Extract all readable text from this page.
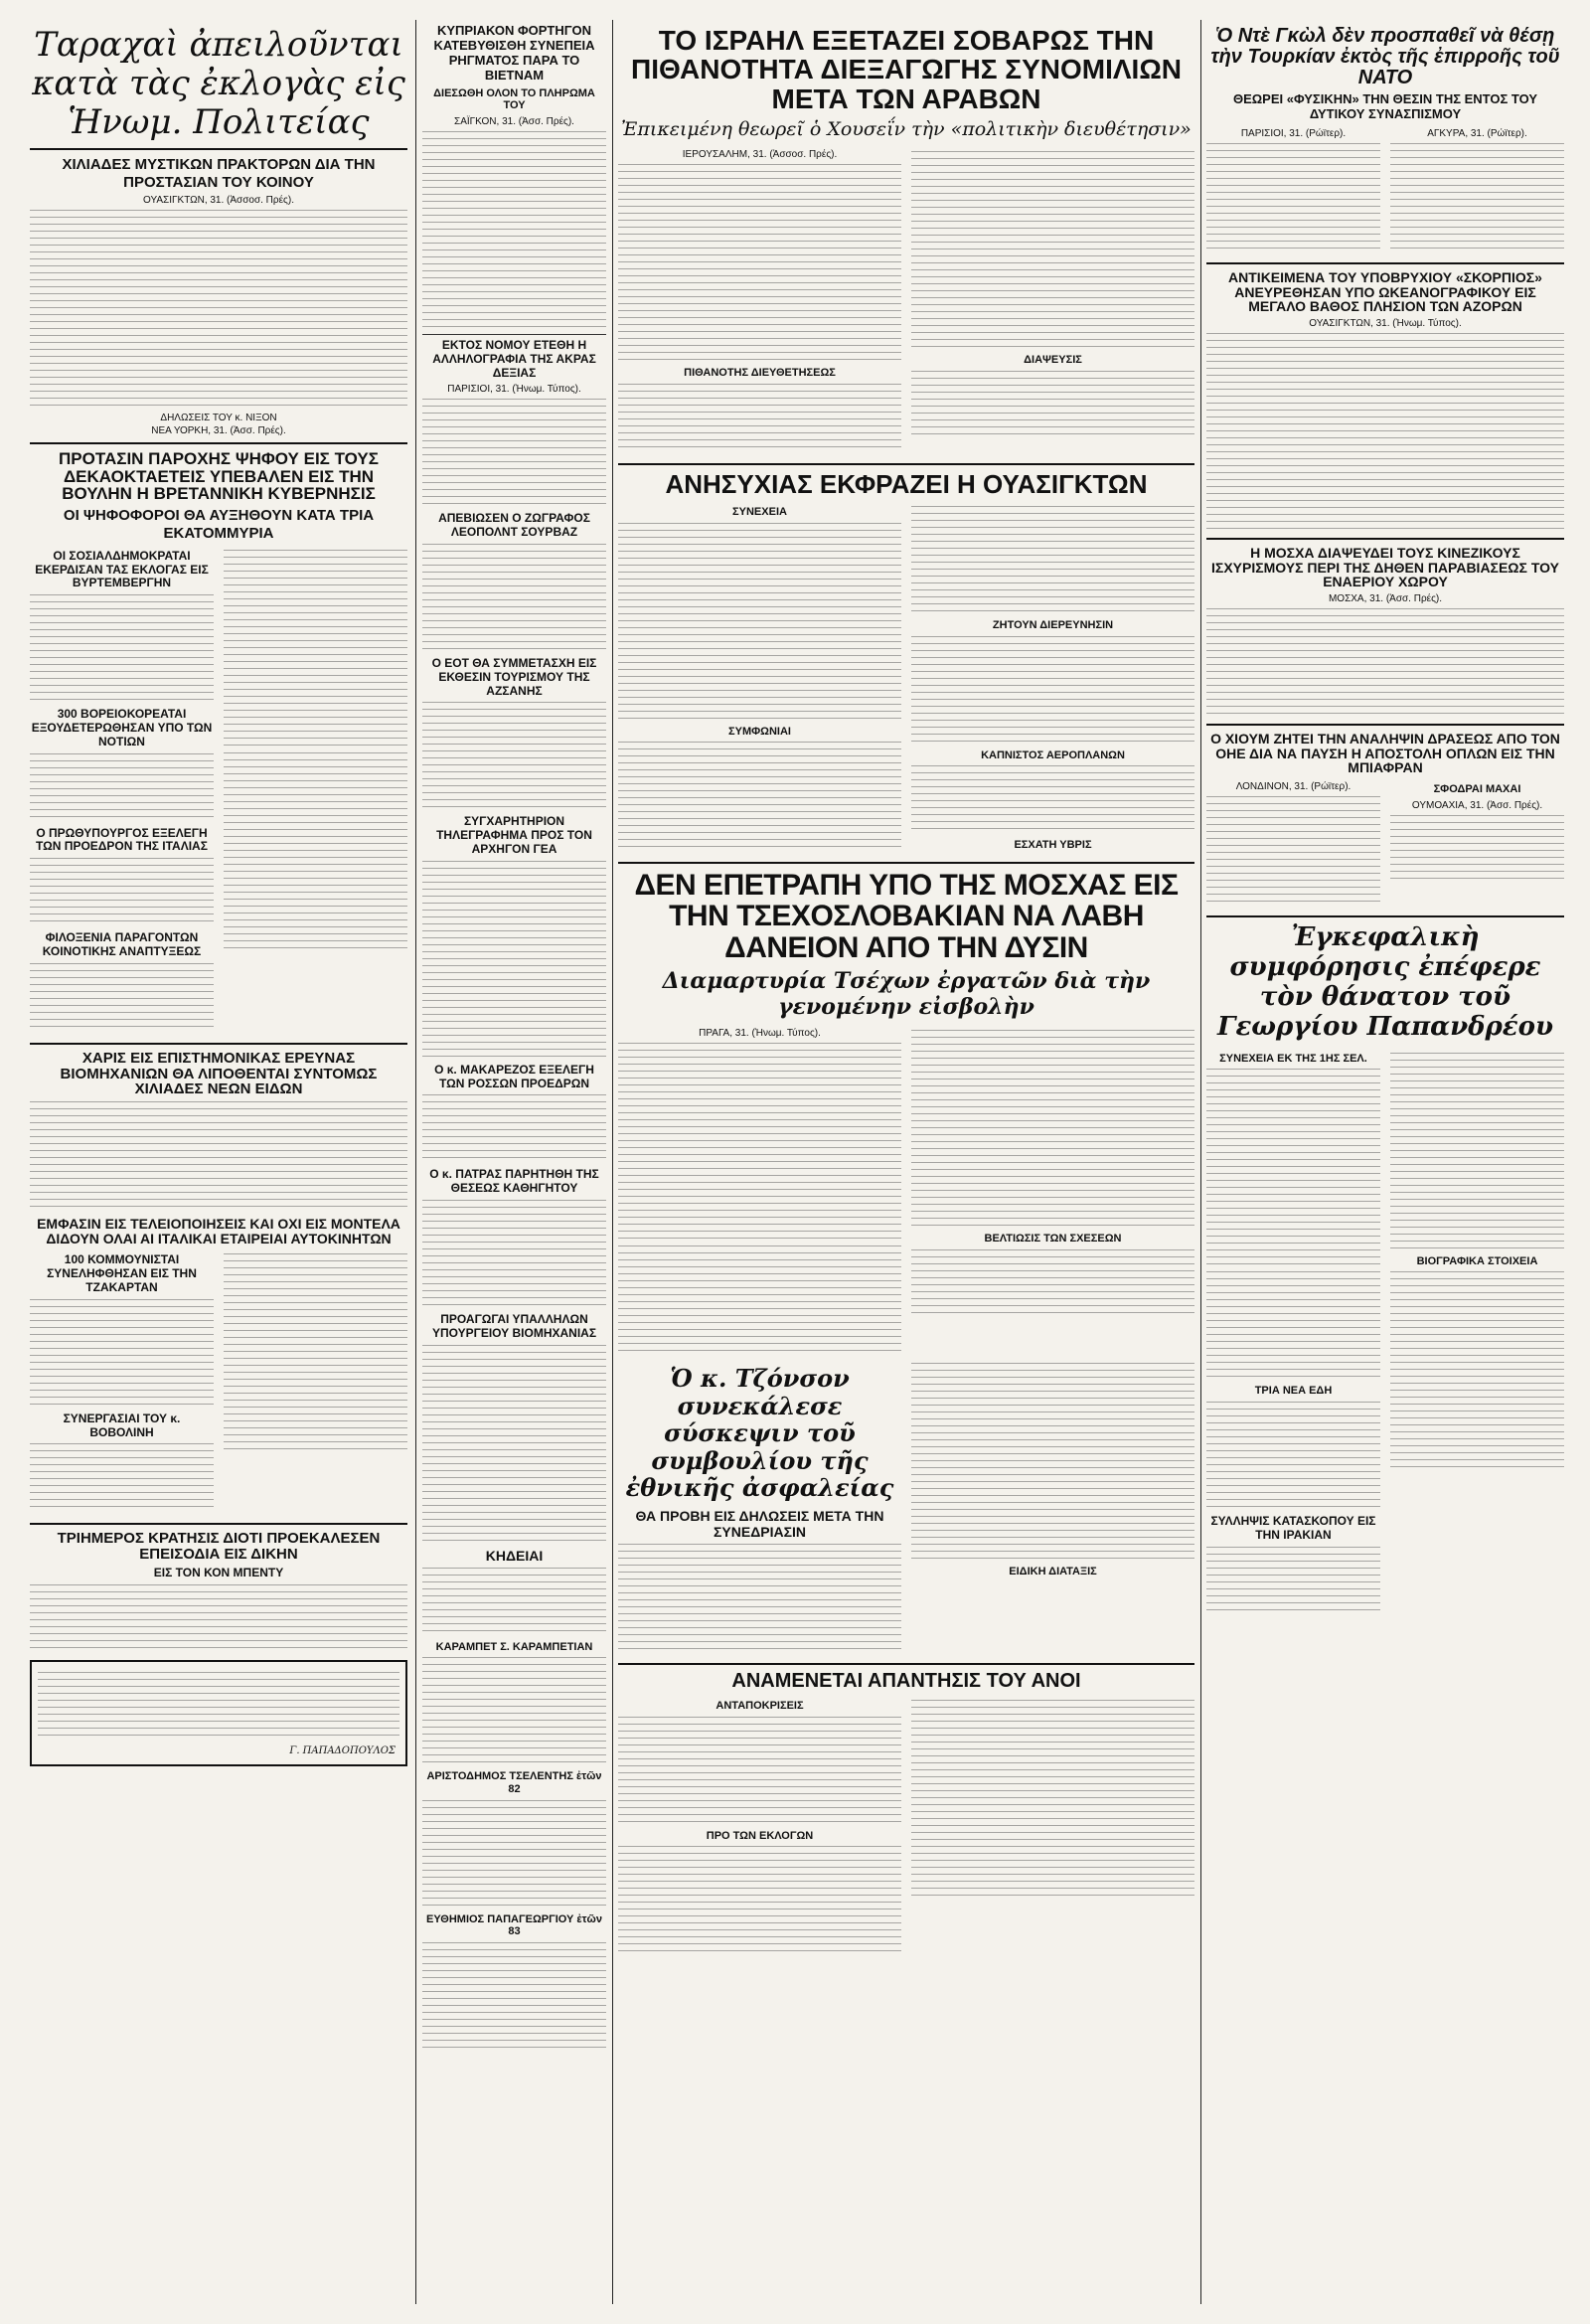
Ταραχαὶ ἀπειλοῦνται κατὰ τὰς ἐκλογὰς εἰς Ἡνωμ. Πολιτείας
ΧΙΛΙΑΔΕΣ ΜΥΣΤΙΚΩΝ ΠΡΑΚΤΟΡΩΝ ΔΙΑ ΤΗΝ ΠΡΟΣΤΑΣΙΑΝ ΤΟΥ ΚΟΙΝΟΥ
ΟΥΑΣΙΓΚΤΩΝ, 31. (Ἀσσοσ. Πρές).
ΔΗΛΩΣΕΙΣ ΤΟΥ κ. ΝΙΞΟΝ
ΝΕΑ ΥΟΡΚΗ, 31. (Ἀσσ. Πρές).
ΠΡΟΤΑΣΙΝ ΠΑΡΟΧΗΣ ΨΗΦΟΥ ΕΙΣ ΤΟΥΣ ΔΕΚΑΟΚΤΑΕΤΕΙΣ ΥΠΕΒΑΛΕΝ ΕΙΣ ΤΗΝ ΒΟΥΛΗΝ Η ΒΡΕΤΑΝΝΙΚΗ ΚΥΒΕΡΝΗΣΙΣ
ΟΙ ΨΗΦΟΦΟΡΟΙ ΘΑ ΑΥΞΗΘΟΥΝ ΚΑΤΑ ΤΡΙΑ ΕΚΑΤΟΜΜΥΡΙΑ
ΟΙ ΣΟΣΙΑΛΔΗΜΟΚΡΑΤΑΙ ΕΚΕΡΔΙΣΑΝ ΤΑΣ ΕΚΛΟΓΑΣ ΕΙΣ ΒΥΡΤΕΜΒΕΡΓΗΝ
300 ΒΟΡΕΙΟΚΟΡΕΑΤΑΙ ΕΞΟΥΔΕΤΕΡΩΘΗΣΑΝ ΥΠΟ ΤΩΝ ΝΟΤΙΩΝ
Ο ΠΡΩΘΥΠΟΥΡΓΟΣ ΕΞΕΛΕΓΗ ΤΩΝ ΠΡΟΕΔΡΟΝ ΤΗΣ ΙΤΑΛΙΑΣ
ΦΙΛΟΞΕΝΙΑ ΠΑΡΑΓΟΝΤΩΝ ΚΟΙΝΟΤΙΚΗΣ ΑΝΑΠΤΥΞΕΩΣ
ΧΑΡΙΣ ΕΙΣ ΕΠΙΣΤΗΜΟΝΙΚΑΣ ΕΡΕΥΝΑΣ ΒΙΟΜΗΧΑΝΙΩΝ ΘΑ ΛΙΠΟΘΕΝΤΑΙ ΣΥΝΤΟΜΩΣ ΧΙΛΙΑΔΕΣ ΝΕΩΝ ΕΙΔΩΝ
ΕΜΦΑΣΙΝ ΕΙΣ ΤΕΛΕΙΟΠΟΙΗΣΕΙΣ ΚΑΙ ΟΧΙ ΕΙΣ ΜΟΝΤΕΛΑ ΔΙΔΟΥΝ ΟΛΑΙ ΑΙ ΙΤΑΛΙΚΑΙ ΕΤΑΙΡΕΙΑΙ ΑΥΤΟΚΙΝΗΤΩΝ
100 ΚΟΜΜΟΥΝΙΣΤΑΙ ΣΥΝΕΛΗΦΘΗΣΑΝ ΕΙΣ ΤΗΝ ΤΖΑΚΑΡΤΑΝ
ΣΥΝΕΡΓΑΣΙΑΙ ΤΟΥ κ. ΒΟΒΟΛΙΝΗ
ΤΡΙΗΜΕΡΟΣ ΚΡΑΤΗΣΙΣ ΔΙΟΤΙ ΠΡΟΕΚΑΛΕΣΕΝ ΕΠΕΙΣΟΔΙΑ ΕΙΣ ΔΙΚΗΝ
ΕΙΣ ΤΟΝ ΚΟΝ ΜΠΕΝΤΥ
Γ. ΠΑΠΑΔΟΠΟΥΛΟΣ
ΚΥΠΡΙΑΚΟΝ ΦΟΡΤΗΓΟΝ ΚΑΤΕΒΥΘΙΣΘΗ ΣΥΝΕΠΕΙΑ ΡΗΓΜΑΤΟΣ ΠΑΡΑ ΤΟ ΒΙΕΤΝΑΜ
ΔΙΕΣΩΘΗ ΟΛΟΝ ΤΟ ΠΛΗΡΩΜΑ ΤΟΥ
ΣΑΪΓΚΟΝ, 31. (Ἀσσ. Πρές).
ΕΚΤΟΣ ΝΟΜΟΥ ΕΤΕΘΗ Η ΑΛΛΗΛΟΓΡΑΦΙΑ ΤΗΣ ΑΚΡΑΣ ΔΕΞΙΑΣ
ΠΑΡΙΣΙΟΙ, 31. (Ἠνωμ. Τύπος).
ΑΠΕΒΙΩΣΕΝ Ο ΖΩΓΡΑΦΟΣ ΛΕΟΠΟΛΝΤ ΣΟΥΡΒΑΖ
Ο ΕΟΤ ΘΑ ΣΥΜΜΕΤΑΣΧΗ ΕΙΣ ΕΚΘΕΣΙΝ ΤΟΥΡΙΣΜΟΥ ΤΗΣ ΑΖΣΑΝΗΣ
ΣΥΓΧΑΡΗΤΗΡΙΟΝ ΤΗΛΕΓΡΑΦΗΜΑ ΠΡΟΣ ΤΟΝ ΑΡΧΗΓΟΝ ΓΕΑ
Ο κ. ΜΑΚΑΡΕΖΟΣ ΕΞΕΛΕΓΗ ΤΩΝ ΡΟΣΣΩΝ ΠΡΟΕΔΡΩΝ
Ο κ. ΠΑΤΡΑΣ ΠΑΡΗΤΗΘΗ ΤΗΣ ΘΕΣΕΩΣ ΚΑΘΗΓΗΤΟΥ
ΠΡΟΑΓΩΓΑΙ ΥΠΑΛΛΗΛΩΝ ΥΠΟΥΡΓΕΙΟΥ ΒΙΟΜΗΧΑΝΙΑΣ
ΚΗΔΕΙΑΙ
ΚΑΡΑΜΠΕΤ Σ. ΚΑΡΑΜΠΕΤΙΑΝ
ΑΡΙΣΤΟΔΗΜΟΣ ΤΣΕΛΕΝΤΗΣ ἐτῶν 82
ΕΥΘΗΜΙΟΣ ΠΑΠΑΓΕΩΡΓΙΟΥ ἐτῶν 83
ΤΟ ΙΣΡΑΗΛ ΕΞΕΤΑΖΕΙ ΣΟΒΑΡΩΣ ΤΗΝ ΠΙΘΑΝΟΤΗΤΑ ΔΙΕΞΑΓΩΓΗΣ ΣΥΝΟΜΙΛΙΩΝ ΜΕΤΑ ΤΩΝ ΑΡΑΒΩΝ
Ἐπικειμένη θεωρεῖ ὁ Χουσεΐν τὴν «πολιτικὴν διευθέτησιν»
ΙΕΡΟΥΣΑΛΗΜ, 31. (Ἀσσοσ. Πρές).
ΠΙΘΑΝΟΤΗΣ ΔΙΕΥΘΕΤΗΣΕΩΣ
ΔΙΑΨΕΥΣΙΣ
ΑΝΗΣΥΧΙΑΣ ΕΚΦΡΑΖΕΙ Η ΟΥΑΣΙΓΚΤΩΝ
ΣΥΝΕΧΕΙΑ
ΣΥΜΦΩΝΙΑΙ
ΖΗΤΟΥΝ ΔΙΕΡΕΥΝΗΣΙΝ
ΚΑΠΝΙΣΤΟΣ ΑΕΡΟΠΛΑΝΩΝ
ΕΣΧΑΤΗ ΥΒΡΙΣ
ΔΕΝ ΕΠΕΤΡΑΠΗ ΥΠΟ ΤΗΣ ΜΟΣΧΑΣ ΕΙΣ ΤΗΝ ΤΣΕΧΟΣΛΟΒΑΚΙΑΝ ΝΑ ΛΑΒΗ ΔΑΝΕΙΟΝ ΑΠΟ ΤΗΝ ΔΥΣΙΝ
Διαμαρτυρία Τσέχων ἐργατῶν διὰ τὴν γενομένην εἰσβολὴν
ΠΡΑΓΑ, 31. (Ἠνωμ. Τύπος).
ΒΕΛΤΙΩΣΙΣ ΤΩΝ ΣΧΕΣΕΩΝ
Ὁ κ. Τζόνσον συνεκάλεσε σύσκεψιν τοῦ συμβουλίου τῆς ἐθνικῆς ἀσφαλείας
ΘΑ ΠΡΟΒΗ ΕΙΣ ΔΗΛΩΣΕΙΣ ΜΕΤΑ ΤΗΝ ΣΥΝΕΔΡΙΑΣΙΝ
ΕΙΔΙΚΗ ΔΙΑΤΑΞΙΣ
ΑΝΑΜΕΝΕΤΑΙ ΑΠΑΝΤΗΣΙΣ ΤΟΥ ΑΝΟΙ
ΑΝΤΑΠΟΚΡΙΣΕΙΣ
ΠΡΟ ΤΩΝ ΕΚΛΟΓΩΝ
Ὁ Ντὲ Γκὼλ δὲν προσπαθεῖ νὰ θέσῃ τὴν Τουρκίαν ἐκτὸς τῆς ἐπιρροῆς τοῦ ΝΑΤΟ
ΘΕΩΡΕΙ «ΦΥΣΙΚΗΝ» ΤΗΝ ΘΕΣΙΝ ΤΗΣ ΕΝΤΟΣ ΤΟΥ ΔΥΤΙΚΟΥ ΣΥΝΑΣΠΙΣΜΟΥ
ΠΑΡΙΣΙΟΙ, 31. (Ρώϊτερ).	ΑΓΚΥΡΑ, 31. (Ρώϊτερ).
ΑΝΤΙΚΕΙΜΕΝΑ ΤΟΥ ΥΠΟΒΡΥΧΙΟΥ «ΣΚΟΡΠΙΟΣ» ΑΝΕΥΡΕΘΗΣΑΝ ΥΠΟ ΩΚΕΑΝΟΓΡΑΦΙΚΟΥ ΕΙΣ ΜΕΓΑΛΟ ΒΑΘΟΣ ΠΛΗΣΙΟΝ ΤΩΝ ΑΖΟΡΩΝ
ΟΥΑΣΙΓΚΤΩΝ, 31. (Ἠνωμ. Τύπος).
Η ΜΟΣΧΑ ΔΙΑΨΕΥΔΕΙ ΤΟΥΣ ΚΙΝΕΖΙΚΟΥΣ ΙΣΧΥΡΙΣΜΟΥΣ ΠΕΡΙ ΤΗΣ ΔΗΘΕΝ ΠΑΡΑΒΙΑΣΕΩΣ ΤΟΥ ΕΝΑΕΡΙΟΥ ΧΩΡΟΥ
ΜΟΣΧΑ, 31. (Ἀσσ. Πρές).
Ο ΧΙΟΥΜ ΖΗΤΕΙ ΤΗΝ ΑΝΑΛΗΨΙΝ ΔΡΑΣΕΩΣ ΑΠΟ ΤΟΝ ΟΗΕ ΔΙΑ ΝΑ ΠΑΥΣΗ Η ΑΠΟΣΤΟΛΗ ΟΠΛΩΝ ΕΙΣ ΤΗΝ ΜΠΙΑΦΡΑΝ
ΛΟΝΔΙΝΟΝ, 31. (Ρώϊτερ).	ΣΦΟΔΡΑΙ ΜΑΧΑΙ
ΟΥΜΟΑΧΙΑ, 31. (Ἀσσ. Πρές).
Ἐγκεφαλικὴ συμφόρησις ἐπέφερε τὸν θάνατον τοῦ Γεωργίου Παπανδρέου
ΣΥΝΕΧΕΙΑ ΕΚ ΤΗΣ 1ΗΣ ΣΕΛ.
ΤΡΙΑ ΝΕΑ ΕΔΗ
ΣΥΛΛΗΨΙΣ ΚΑΤΑΣΚΟΠΟΥ ΕΙΣ ΤΗΝ ΙΡΑΚΙΑΝ
ΒΙΟΓΡΑΦΙΚΑ ΣΤΟΙΧΕΙΑ
